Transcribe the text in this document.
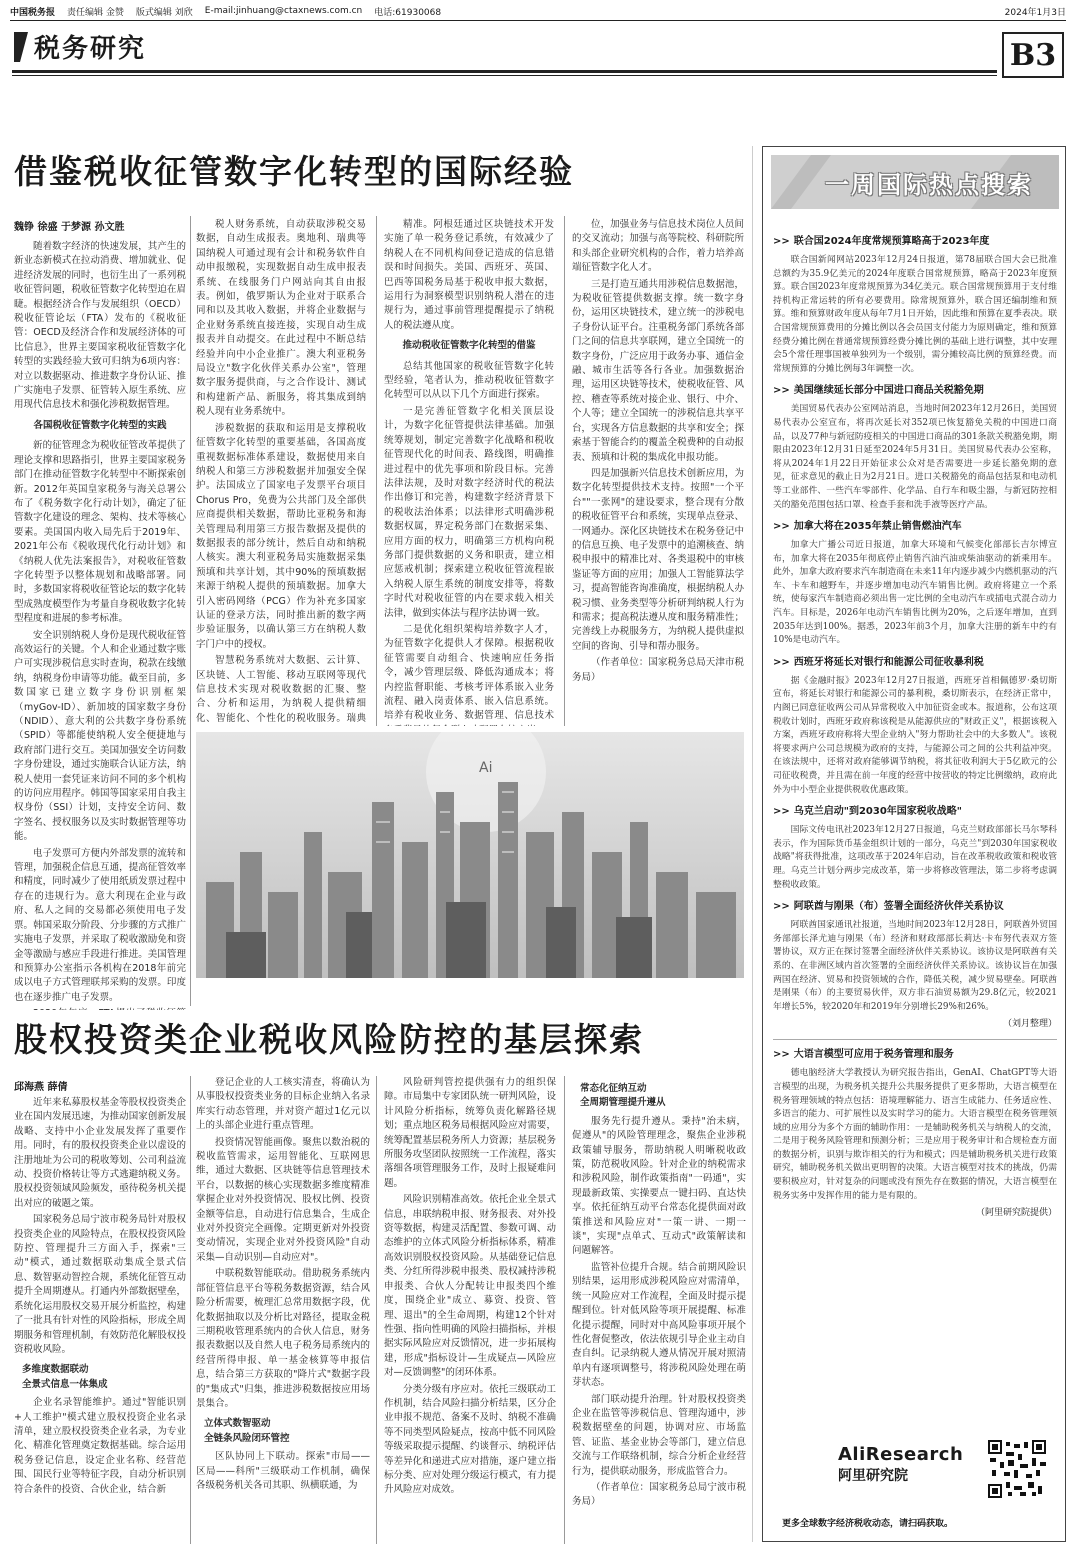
中国税务报 责任编辑 金赞 版式编辑 刘欣 E-mail:jinhuang@ctaxnews.com.cn 电话:61930068	2024年1月3日
税务研究	B3
借鉴税收征管数字化转型的国际经验
魏铮 徐盛 于梦源 孙文胜

随着数字经济的快速发展，其产生的新业态新模式在拉动消费、增加就业、促进经济发展的同时，也衍生出了一系列税收征管问题，税收征管数字化转型迫在眉睫。根据经济合作与发展组织（OECD）税收征管论坛（FTA）发布的《税收征管：OECD及经济合作和发展经济体的可比信息》，世界主要国家税收征管数字化转型的实践经验大致可归纳为6项内容：对立以数据驱动、推进数字身份认证、推广实施电子发票、征管转入原生系统、应用现代信息技术和强化涉税数据管理。

各国税收征管数字化转型的实践

新的征管理念为税收征管改革提供了理论支撑和思路指引，世界主要国家税务部门在推动征管数字化转型中不断探索创新。2012年英国皇家税务与海关总署公布了《税务数字化行动计划》，确定了征管数字化建设的理念、架构、技术等核心要素。美国国内收入局先后于2019年、2021年公布《税收现代化行动计划》和《纳税人优先法案报告》，对税收征管数字化转型予以整体规划和战略部署。同时，多数国家将税收征管论坛的数字化转型成熟度模型作为考量自身税收数字化转型程度和进展的参考标准。

安全识别纳税人身份是现代税收征管高效运行的关键。个人和企业通过数字账户可实现涉税信息实时查询，税款在线缴纳，纳税身份申请等功能。截至目前，多数国家已建立数字身份识别框架（myGov-ID）、新加坡的国家数字身份（NDID）、意大利的公共数字身份系统（SPID）等都能使纳税人安全便捷地与政府部门进行交互。美国加强安全访问数字身份建设，通过实施联合认证方法，纳税人使用一套凭证来访问不同的多个机构的访问应用程序。韩国等国家采用自我主权身份（SSI）计划，支持安全访问、数字签名、授权服务以及实时数据管理等功能。

电子发票可方便内外部发票的流转和管理，加强税企信息互通，提高征管效率和精度，同时减少了使用纸质发票过程中存在的违规行为。意大利现在企业与政府、私人之间的交易都必须使用电子发票。韩国采取分阶段、分步骤的方式推广实施电子发票，并采取了税收激励免和资金等激励与感应手段进行推进。美国管理和预算办公室指示各机构在2018年前完成以电子方式管理联邦采购的发票。印度也在逐步推广电子发票。

税人财务系统，自动获取涉税交易数据，自动生成报表。奥地利、瑞典等国纳税人可通过现有会计和税务软件自动申报缴税，实现数据自动生成申报表系统、在线服务门户网站向其自由报表。例如，俄罗斯认为企业对于联系合同和以及其收入数据，并将企业数据与企业财务系统直接连接，实现自动生成报表并自动提交。在此过程中不断总结经验并向中小企业推广。澳大利亚税务局设立"数字化伙伴关系办公室"，管理数字服务提供商，与之合作设计、测试和构建新产品、新服务，将其集成到纳税人现有业务系统中。

涉税数据的获取和运用是支撑税收征管数字化转型的重要基础，各国高度重视数据标准体系建设，数据使用来自纳税人和第三方涉税数据并加强安全保护。法国成立了国家电子发票平台项目Chorus Pro，免费为公共部门及全部供应商提供相关数据，帮助比亚税务和海关管理局利用第三方报告数据及提供的数据报表的部分统计，然后自动和纳税人核实。澳大利亚税务局实施数据采集预填和共享计划，其中90%的预填数据来源于纳税人提供的预填数据。加拿大引入密码网络（PCG）作为补充多国家认证的登录方法，同时推出新的数字两步验证服务，以确认第三方在纳税人数字门户中的授权。

智慧税务系统对大数据、云计算、区块链、人工智能、移动互联网等现代信息技术实现对税收数据的汇聚、整合、分析和运用，为纳税人提供精细化、智能化、个性化的税收服务。瑞典

精准。阿根廷通过区块链技术开发实施了单一税务登记系统，有效减少了纳税人在不同机构间登记造成的信息错误和时间损失。美国、西班牙、英国、巴西等国税务局基于税收申报大数据，运用行为洞察模型识别纳税人潜在的违规行为，通过事前管理提醒提示了纳税人的税法遵从度。

推动税收征管数字化转型的借鉴

总结其他国家的税收征管数字化转型经验，笔者认为，推动税收征管数字化转型可以从以下几个方面进行探索。

一是完善征管数字化相关顶层设计，为数字化征管提供法律基础。加强统筹规划，制定完善数字化战略和税收征管现代化的时间表、路线图，明确推进过程中的优先事项和阶段目标。完善法律法规，及时对数字经济时代的税法作出修订和完善，构建数字经济背景下的税收法治体系；以法律形式明确涉税数据权属，界定税务部门在数据采集、应用方面的权力，明确第三方机构向税务部门提供数据的义务和职责，建立相应惩戒机制；探索建立税收征管流程嵌入纳税人原生系统的制度安排等，将数字时代对税收征管的内在要求载入相关法律，做到实体法与程序法协调一致。

二是优化组织架构培养数字人才，为征管数字化提供人才保障。根据税收征管需要自动组合、快速响应任务指令，减少管理层级、降低沟通成本；将内控监督职能、考核考评体系嵌入业务流程、融入岗责体系、嵌入信息系统。培养有税收业务、数据管理、信息技术

位，加强业务与信息技术岗位人员间的交叉流动；加强与高等院校、科研院所和头部企业研究机构的合作，着力培养高端征管数字化人才。

三是打造互通共用涉税信息数据池，为税收征管提供数据支撑。统一数字身份，运用区块链技术，建立统一的涉税电子身份认证平台。注重税务部门系统各部门之间的信息共享联网，建立全国统一的数字身份，广泛应用于政务办事、通信金融、城市生活等各行各业。加强数据治理，运用区块链等技术，使税收征管、风控、稽查等系统对接企业、银行、中介、个人等；建立全国统一的涉税信息共享平台，实现各方信息数据的共享和安全；探索基于智能合约的覆盖全税费种的自动报表、预填和计税的集成化申报功能。

四是加强新兴信息技术创新应用，为数字化转型提供技术支持。按照"一个平台""一张网"的建设要求，整合现有分散的税收征管平台和系统，实现单点登录、一网通办。深化区块链技术在税务登记中的信息互换、电子发票中的追溯核查、纳税申报中的精准比对、各类退税中的审核鉴证等方面的应用；加强人工智能算法学习，提高智能咨询准确度，根据纳税人办税习惯、业务类型等分析研判纳税人行为和需求；提高税法遵从度和服务精准性；完善线上办税服务方，为纳税人提供虚拟空间的咨询、引导和帮办服务。

（作者单位：国家税务总局天津市税务局）

Ai
股权投资类企业税收风险防控的基层探索
邱海燕 薛倩

近年来私募股权基金等股权投资类企业在国内发展迅速，为推动国家创新发展战略、支持中小企业发展发挥了重要作用。同时，有的股权投资类企业以虚设的注册地址为公司的税收筹划、公司利益流动、投资价格转让等方式逃避纳税义务。股权投资领域风险频发，亟待税务机关提出对应的破题之策。

国家税务总局宁波市税务局针对股权投资类企业的风险特点，在股权投资风险防控、管理提升三方面入手，探索"三动"模式，通过数据联动集成全景式信息、数智驱动智控合规，系统化征管互动提升全周期遵从。打通内外部数据壁垒，系统化运用股权交易开展分析监控，构建了一批具有针对性的风险指标，形成全周期服务和管理机制，有效防范化解股权投资税收风险。

多维度数据联动
全景式信息一体集成

企业名录智能维护。通过"智能识别+人工维护"模式建立股权投资企业名录清单，建立股权投资类企业名录，为专业化、精准化管理奠定数据基础。综合运用税务登记信息，设定企业名称、经营范围、国民行业等特征字段，自动分析识别符合条件的投资、合伙企业，结合新

登记企业的人工核实清查，将确认为从事股权投资类业务的目标企业纳入名录库实行动态管理，并对资产超过1亿元以上的头部企业进行重点管理。

投资情况智能画像。聚焦以数治税的税收监管需求，运用智能化、互联网思维，通过大数据、区块链等信息管理技术平台，以数据的核心实现数据多维度精准掌握企业对外投资情况、股权比例、投资金额等信息，自动进行信息集合，生成企业对外投资完全画像。定期更新对外投资变动情况，实现企业对外投资风险"自动采集—自动识别—自动应对"。

中联税数智能联动。借助税务系统内部征管信息平台等税务数据资源，结合风险分析需要，梳理汇总常用数据字段，优化数据抽取以及分析比对路径，提取金税三期税收管理系统内的合伙人信息，财务报表数据以及自然人电子税务局系统内的经营所得申报、单一基金核算等申报信息，结合第三方获取的"降片式"数据字段的"集成式"归集，推进涉税数据按应用场景集合。

立体式数智驱动
全链条风险闭环管控

区队协同上下联动。探索"市局——区局——科所"三级联动工作机制，确保各级税务机关各司其职、纵横联通，为

风险研判管控提供强有力的组织保障。市局集中专家团队统一研判风险，设计风险分析指标，统筹负责化解路径规划；重点地区税务局根据风险应对需要，统筹配置基层税务所人力资源；基层税务所服务攻坚团队按照统一工作流程，落实落细各项管理服务工作，及时上报疑难问题。

风险识别精准高效。依托企业全景式信息，串联纳税申报、财务报表、对外投资等数据，构建灵活配置、参数可调、动态维护的立体式风险分析指标体系，精准高效识别股权投资风险。从基础登记信息类、分红所得涉税申报类、股权减持涉税申报类、合伙人分配转让申报类四个维度，围绕企业"成立、募资、投资、管理、退出"的全生命周期，构建12个针对性强、指向性明确的风险扫描指标，并根据实际风险应对反馈情况，进一步拓展构建，形成"指标设计—生成疑点—风险应对—反馈调整"的闭环体系。

分类分级有序应对。依托三级联动工作机制，结合风险扫描分析结果，区分企业申报不规范、备案不及时、纳税不准确等不同类型风险疑点，按高中低不同风险等级采取提示提醒、约谈督示、纳税评估等差异化和递进式应对措施，逐户建立指标分类、应对处理分级运行模式，有力提升风险应对成效。

常态化征纳互动
全周期管理提升遵从

服务先行提升遵从。秉持"治未病，促遵从"的风险管理理念，聚焦企业涉税政策辅导服务，帮助纳税人明晰税收政策，防范税收风险。针对企业的纳税需求和涉税风险，制作政策指南"一码通"，实现最新政策、实操要点一键扫码、直达快享。依托征纳互动平台常态化提供面对政策推送和风险应对"一策一讲、一期一谈"，实现"点单式、互动式"政策解读和问题解答。

监管补位提升合规。结合前期风险识别结果，运用形成涉税风险应对需清单，统一风险应对工作流程，全面及时提示提醒到位。针对低风险等项开展提醒、标准化提示提醒，同时对中高风险事项开展个性化督促整改，依法依规引导企业主动自查自纠。记录纳税人遵从情况开展对照清单内有逐项调整号，将涉税风险处理在萌芽状态。

部门联动提升治理。针对股权投资类企业在监管等涉税信息、管理沟通中，涉税数据壁垒的问题，协调对应、市场监管、证监、基金业协会等部门，建立信息交流与工作联络机制，综合分析企业经营行为，提供联动服务，形成监管合力。

（作者单位：国家税务总局宁波市税务局）

一周国际热点搜索
>> 联合国2024年度常规预算略高于2023年度
联合国新闻网站2023年12月24日报道，第78届联合国大会已批准总额约为35.9亿美元的2024年度联合国常规预算，略高于2023年度预算。联合国2023年度常规预算为34亿美元。联合国常规预算用于支付维持机构正常运转的所有必要费用。除常规预算外，联合国还编制维和预算。维和预算财政年度从每年7月1日开始，因此维和预算在夏季表决。联合国常规预算费用的分摊比例以各会员国支付能力为原则确定，维和预算经费分摊比例在普通常规预算经费分摊比例的基础上进行调整，其中安理会5个常任理事国被单独列为一个级别，需分摊较高比例的预算经费。而常规预算的分摊比例每3年调整一次。
>> 美国继续延长部分中国进口商品关税豁免期
美国贸易代表办公室网站消息，当地时间2023年12月26日，美国贸易代表办公室宣布，将再次延长对352项已恢复豁免关税的中国进口商品，以及77种与新冠防疫相关的中国进口商品的301条款关税豁免期，期限由2023年12月31日延至2024年5月31日。美国贸易代表办公室称，将从2024年1月22日开始征求公众对是否需要进一步延长豁免期的意见，征求意见的截止日为2月21日。进口关税豁免的商品包括泵和电动机等工业部件、一些汽车零部件、化学品、自行车和吸尘器，与新冠防控相关的豁免范围包括口罩、检查手套和洗手液等医疗产品。
>> 加拿大将在2035年禁止销售燃油汽车
加拿大广播公司近日报道，加拿大环境和气候变化部部长吉尔博宣布，加拿大将在2035年彻底停止销售汽油汽油或柴油驱动的新乘用车。此外，加拿大政府要求汽车制造商在未来11年内逐步减少内燃机驱动的汽车、卡车和越野车，并逐步增加电动汽车销售比例。政府将建立一个系统，使每家汽车制造商必须出售一定比例的全电动汽车或插电式混合动力汽车。目标是，2026年电动汽车销售比例为20%，之后逐年增加，直到2035年达到100%。据悉，2023年前3个月，加拿大注册的新车中约有10%是电动汽车。
>> 西班牙将延长对银行和能源公司征收暴利税
据《金融时报》2023年12月27日报道，西班牙首相佩德罗·桑切斯宣布，将延长对银行和能源公司的暴利税，桑切斯表示，在经济正常中，内阁已同意征收两公司从异常税收入中加征资金或本。报道称，公布这项税收计划时，西班牙政府称该税是从能源供应的"财政正义"，根据该税入方案，西班牙政府称将大型企业纳入"努力帮助社会中的大多数人"。该税将要求两户公司总规模为政府的支持，与能源公司之间的公共利益冲突。在该法规中，还将对政府能够调节纳税，将其征收利润大于5亿欧元的公司征收税费，并且需在前一年度的经营中按营收的特定比例缴纳，政府此外为中小型企业提供税收优惠政策。
>> 乌克兰启动"到2030年国家税收战略"
国际文传电讯社2023年12月27日报道，乌克兰财政部部长马尔琴科表示，作为国际货币基金组织计划的一部分，乌克兰"到2030年国家税收战略"将获得批准，这项改革于2024年启动，旨在改革税收政策和税收管理。乌克兰计划分两步完成改革，第一步将修改管理法，第二步将考虑调整税收政策。
>> 阿联酋与刚果（布）签署全面经济伙伴关系协议
阿联酋国家通讯社报道，当地时间2023年12月28日，阿联酋外贸国务部部长泽尤迪与刚果（布）经济和财政部部长莉达·卡布努代表双方签署协议，双方正在探讨签署全面经济伙伴关系协议。该协议是阿联酋有关系的、在非洲区域内首次签署的全面经济伙伴关系协议。该协议旨在加强两国在经济、贸易和投资领域的合作，降低关税，减少贸易壁垒。阿联酋是刚果（布）的主要贸易伙伴，双方非石油贸易额为29.8亿元，较2021年增长5%，较2020年和2019年分别增长29%和26%。
（刘月整理）
>> 大语言模型可应用于税务管理和服务
德电脑经济大学教授认为研究报告指出，GenAI、ChatGPT等大语言模型的出现，为税务机关提升公共服务提供了更多帮助，大语言模型在税务管理领域的特点包括：语境理解能力、语言生成能力、任务适应性、多语言的能力、可扩展性以及实时学习的能力。大语言模型在税务管理领域的应用分为多个方面的辅助作用：一是辅助税务机关与纳税人的交流，二是用于税务风险管理和预测分析；三是应用于税务审计和合规检查方面的数据分析，识别与欺诈相关的行为和模式；四是辅助税务机关进行政策研究，辅助税务机关做出更明智的决策。大语言模型对技术的挑战，仍需要积极应对，针对复杂的问题或没有预先存在数据的情况，大语言模型在税务实务中发挥作用的能力是有限的。
（阿里研究院提供）
AliResearch
阿里研究院
更多全球数字经济税收动态，请扫码获取。
